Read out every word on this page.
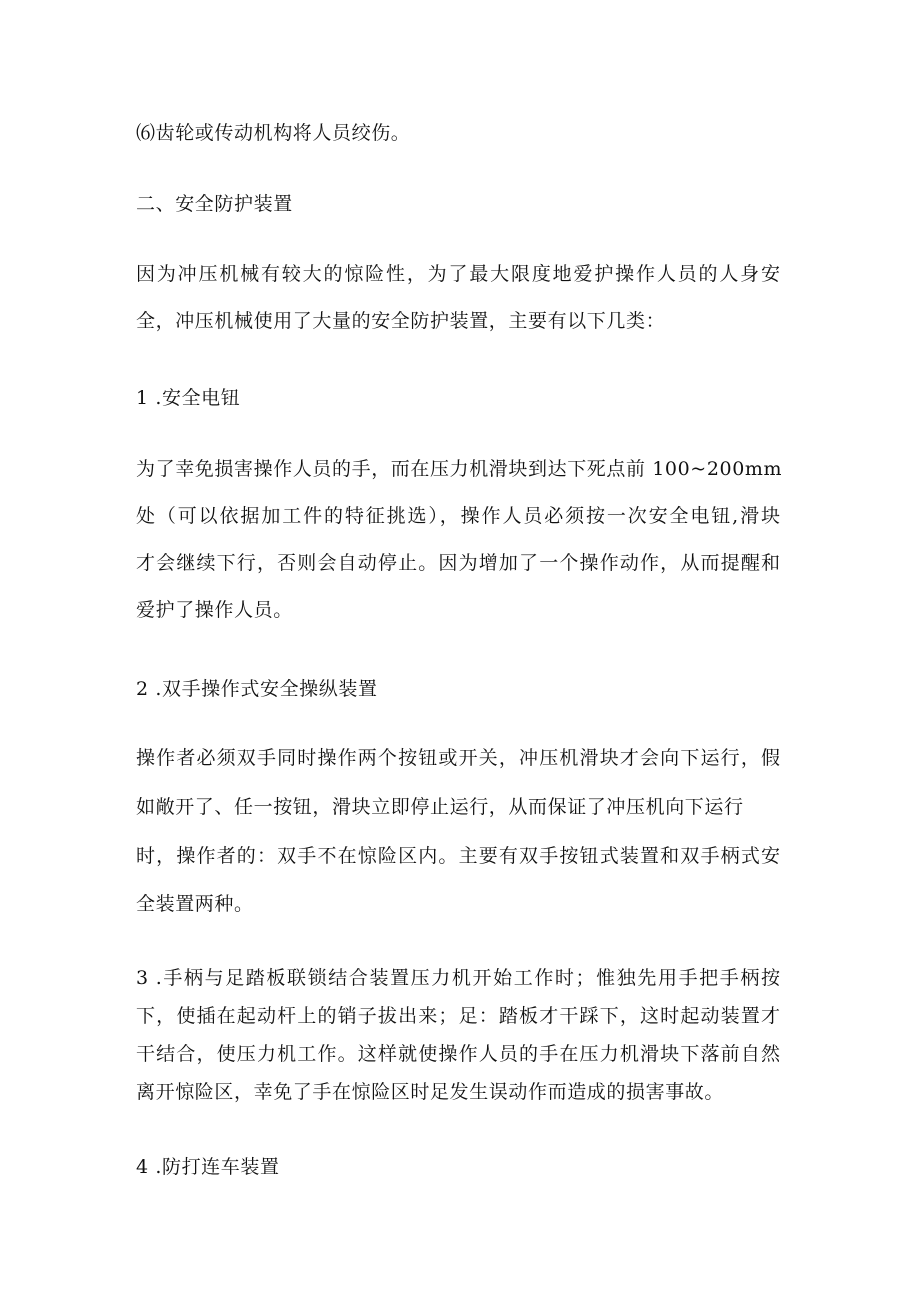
⑹齿轮或传动机构将人员绞伤。
二、安全防护装置
因为冲压机械有较大的惊险性，为了最大限度地爱护操作人员的人身安
全，冲压机械使用了大量的安全防护装置，主要有以下几类：
1 .安全电钮
为了幸免损害操作人员的手，而在压力机滑块到达下死点前 100~200mm
处（可以依据加工件的特征挑选），操作人员必须按一次安全电钮,滑块
才会继续下行，否则会自动停止。因为增加了一个操作动作，从而提醒和
爱护了操作人员。
2 .双手操作式安全操纵装置
操作者必须双手同时操作两个按钮或开关，冲压机滑块才会向下运行，假
如敞开了、任一按钮，滑块立即停止运行，从而保证了冲压机向下运行
时，操作者的：双手不在惊险区内。主要有双手按钮式装置和双手柄式安
全装置两种。
3 .手柄与足踏板联锁结合装置压力机开始工作时；惟独先用手把手柄按
下，使插在起动杆上的销子拔出来；足：踏板才干踩下，这时起动装置才
干结合，使压力机工作。这样就使操作人员的手在压力机滑块下落前自然
离开惊险区，幸免了手在惊险区时足发生误动作而造成的损害事故。
4 .防打连车装置
